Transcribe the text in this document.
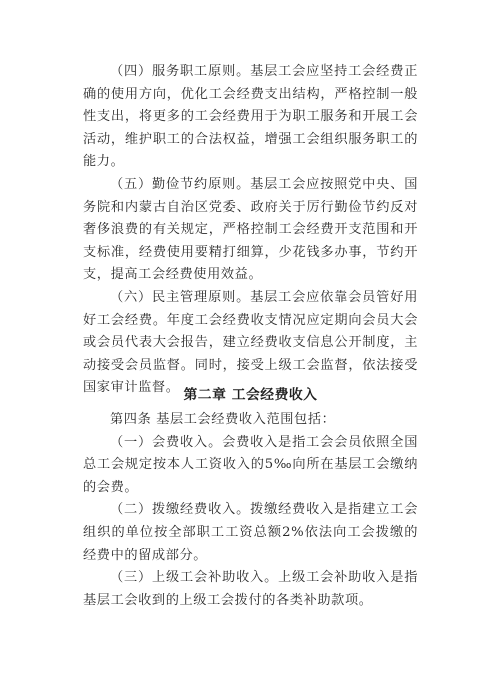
（四）服务职工原则。基层工会应坚持工会经费正确的使用方向，优化工会经费支出结构，严格控制一般性支出，将更多的工会经费用于为职工服务和开展工会活动，维护职工的合法权益，增强工会组织服务职工的能力。

（五）勤俭节约原则。基层工会应按照党中央、国务院和内蒙古自治区党委、政府关于厉行勤俭节约反对奢侈浪费的有关规定，严格控制工会经费开支范围和开支标准，经费使用要精打细算，少花钱多办事，节约开支，提高工会经费使用效益。

（六）民主管理原则。基层工会应依靠会员管好用好工会经费。年度工会经费收支情况应定期向会员大会或会员代表大会报告，建立经费收支信息公开制度，主动接受会员监督。同时，接受上级工会监督，依法接受国家审计监督。 第二章 工会经费收入

第四条 基层工会经费收入范围包括：

（一）会费收入。会费收入是指工会会员依照全国总工会规定按本人工资收入的5‰向所在基层工会缴纳的会费。

（二）拨缴经费收入。拨缴经费收入是指建立工会组织的单位按全部职工工资总额2%依法向工会拨缴的经费中的留成部分。

（三）上级工会补助收入。上级工会补助收入是指基层工会收到的上级工会拨付的各类补助款项。
